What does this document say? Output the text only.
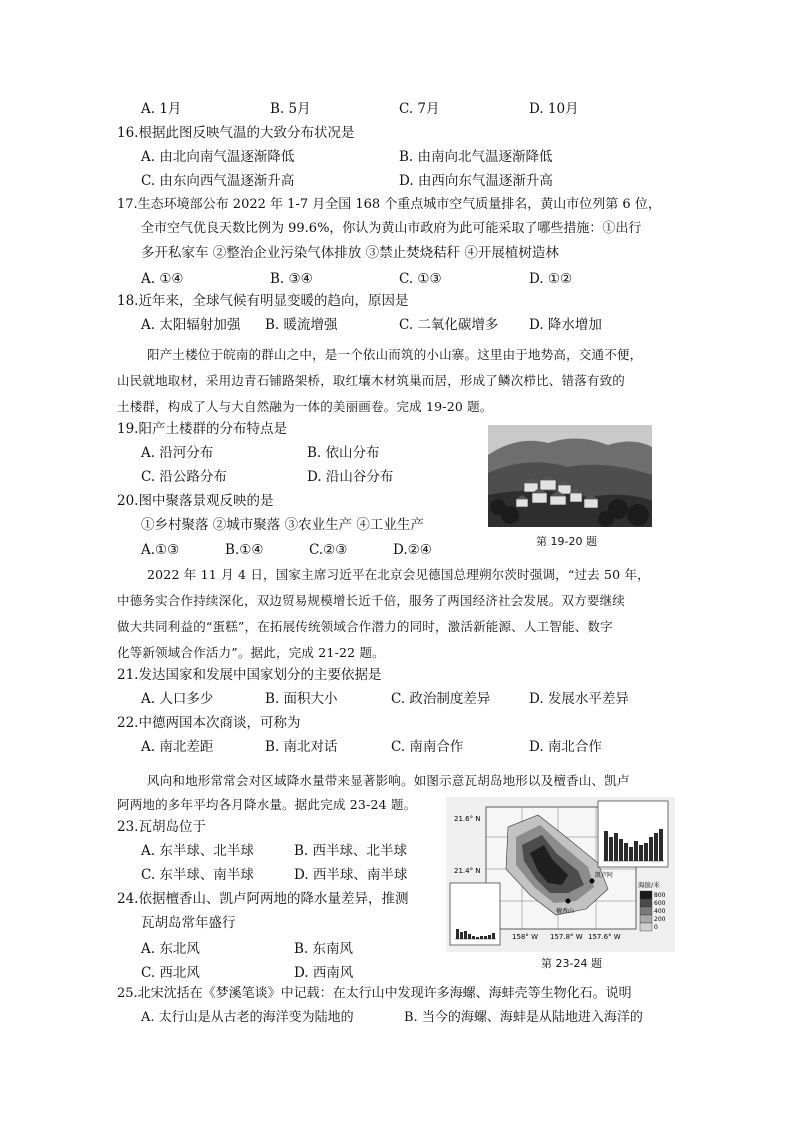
A. 1月	B. 5月	C. 7月	D. 10月
16.根据此图反映气温的大致分布状况是
A. 由北向南气温逐渐降低	B. 由南向北气温逐渐降低
C. 由东向西气温逐渐升高	D. 由西向东气温逐渐升高
17.生态环境部公布 2022 年 1-7 月全国 168 个重点城市空气质量排名，黄山市位列第 6 位，
全市空气优良天数比例为 99.6%，你认为黄山市政府为此可能采取了哪些措施：①出行
多开私家车 ②整治企业污染气体排放 ③禁止焚烧秸秆 ④开展植树造林
A. ①④	B. ③④	C. ①③	D. ①②
18.近年来，全球气候有明显变暖的趋向，原因是
A. 太阳辐射加强 B. 暖流增强	C. 二氧化碳增多 D. 降水增加
阳产土楼位于皖南的群山之中，是一个依山而筑的小山寨。这里由于地势高，交通不便，
山民就地取材，采用边青石铺路架桥，取红壤木材筑巢而居，形成了鳞次栉比、错落有致的
土楼群，构成了人与大自然融为一体的美丽画卷。完成 19-20 题。
19.阳产土楼群的分布特点是
A. 沿河分布	B. 依山分布
C. 沿公路分布	D. 沿山谷分布
20.图中聚落景观反映的是
①乡村聚落 ②城市聚落 ③农业生产 ④工业生产
A.①③	B.①④	C.②③	D.②④
第 19-20 题
2022 年 11 月 4 日，国家主席习近平在北京会见德国总理朔尔茨时强调，“过去 50 年，
中德务实合作持续深化，双边贸易规模增长近千倍，服务了两国经济社会发展。双方要继续
做大共同利益的“蛋糕”，在拓展传统领域合作潜力的同时，激活新能源、人工智能、数字
化等新领域合作活力”。据此，完成 21-22 题。
21.发达国家和发展中国家划分的主要依据是
A. 人口多少	B. 面积大小	C. 政治制度差异	D. 发展水平差异
22.中德两国本次商谈，可称为
A. 南北差距	B. 南北对话	C. 南南合作	D. 南北合作
风向和地形常常会对区域降水量带来显著影响。如图示意瓦胡岛地形以及檀香山、凯卢
阿两地的多年平均各月降水量。据此完成 23-24 题。
23.瓦胡岛位于
A. 东半球、北半球	B. 西半球、北半球
C. 东半球、南半球	D. 西半球、南半球
24.依据檀香山、凯卢阿两地的降水量差异，推测
瓦胡岛常年盛行
A. 东北风	B. 东南风
C. 西北风	D. 西南风
凯卢阿
檀香山
21.6° N
21.4° N
158° W 157.8° W 157.6° W
海拔/米
800
600
400
200
0
第 23-24 题
25.北宋沈括在《梦溪笔谈》中记载：在太行山中发现许多海螺、海蚌壳等生物化石。说明
A. 太行山是从古老的海洋变为陆地的	B. 当今的海螺、海蚌是从陆地进入海洋的
